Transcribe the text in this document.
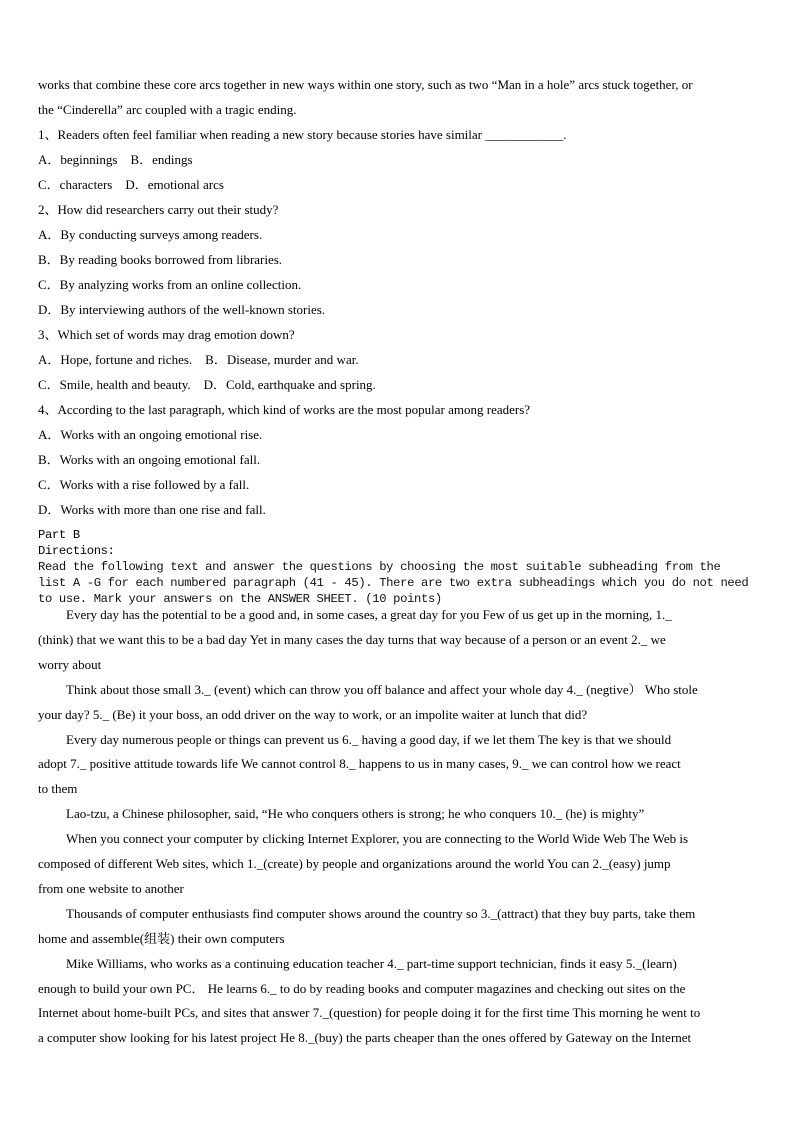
works that combine these core arcs together in new ways within one story, such as two “Man in a hole” arcs stuck together, or
the “Cinderella” arc coupled with a tragic ending.
1、Readers often feel familiar when reading a new story because stories have similar ____________.
A．beginnings    B．endings
C．characters    D．emotional arcs
2、How did researchers carry out their study?
A．By conducting surveys among readers.
B．By reading books borrowed from libraries.
C．By analyzing works from an online collection.
D．By interviewing authors of the well-known stories.
3、Which set of words may drag emotion down?
A．Hope, fortune and riches.    B．Disease, murder and war.
C．Smile, health and beauty.    D．Cold, earthquake and spring.
4、According to the last paragraph, which kind of works are the most popular among readers?
A．Works with an ongoing emotional rise.
B．Works with an ongoing emotional fall.
C．Works with a rise followed by a fall.
D．Works with more than one rise and fall.
Part B
Directions:
Read the following text and answer the questions by choosing the most suitable subheading from the
list A -G for each numbered paragraph (41 - 45). There are two extra subheadings which you do not need
to use. Mark your answers on the ANSWER SHEET. (10 points)
Every day has the potential to be a good and, in some cases, a great day for you Few of us get up in the morning, 1._
(think) that we want this to be a bad day Yet in many cases the day turns that way because of a person or an event 2._ we
worry about
Think about those small 3._ (event) which can throw you off balance and affect your whole day 4._ (negtive） Who stole
your day? 5._ (Be) it your boss, an odd driver on the way to work, or an impolite waiter at lunch that did?
Every day numerous people or things can prevent us 6._ having a good day, if we let them The key is that we should
adopt 7._ positive attitude towards life We cannot control 8._ happens to us in many cases, 9._ we can control how we react
to them
Lao-tzu, a Chinese philosopher, said, “He who conquers others is strong; he who conquers 10._ (he) is mighty”
When you connect your computer by clicking Internet Explorer, you are connecting to the World Wide Web The Web is
composed of different Web sites, which 1._(create) by people and organizations around the world You can 2._(easy) jump
from one website to another
Thousands of computer enthusiasts find computer shows around the country so 3._(attract) that they buy parts, take them
home and assemble(组装) their own computers
Mike Williams, who works as a continuing education teacher 4._ part-time support technician, finds it easy 5._(learn)
enough to build your own PC． He learns 6._ to do by reading books and computer magazines and checking out sites on the
Internet about home-built PCs, and sites that answer 7._(question) for people doing it for the first time This morning he went to
a computer show looking for his latest project He 8._(buy) the parts cheaper than the ones offered by Gateway on the Internet
